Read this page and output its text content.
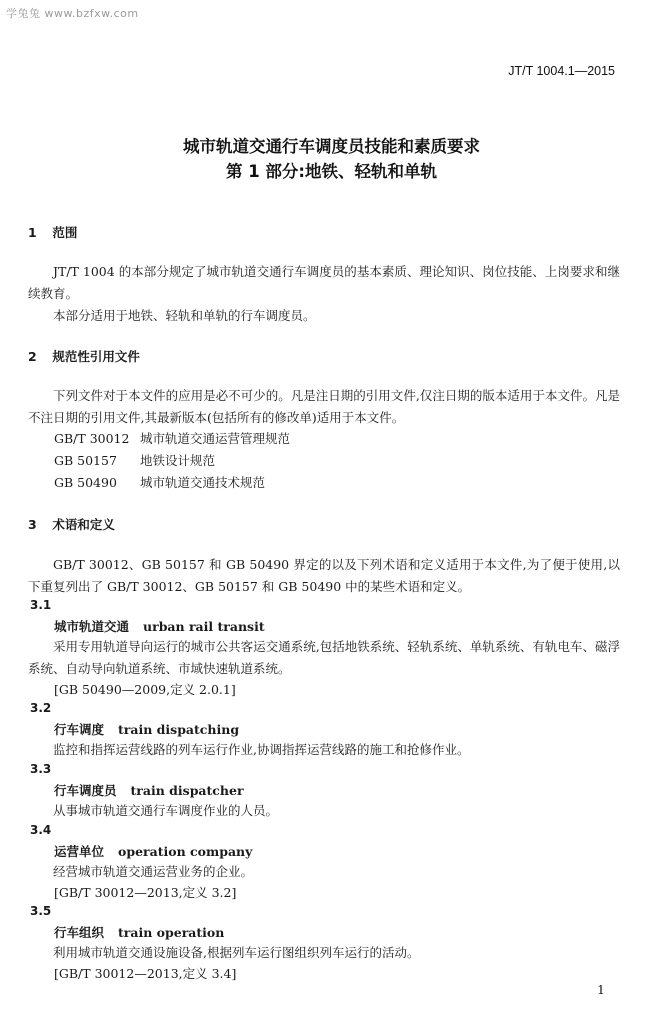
学兔兔 www.bzfxw.com
JT/T 1004.1—2015
城市轨道交通行车调度员技能和素质要求
第 1 部分:地铁、轻轨和单轨
1 范围
JT/T 1004 的本部分规定了城市轨道交通行车调度员的基本素质、理论知识、岗位技能、上岗要求和继续教育。
本部分适用于地铁、轻轨和单轨的行车调度员。
2 规范性引用文件
下列文件对于本文件的应用是必不可少的。凡是注日期的引用文件,仅注日期的版本适用于本文件。凡是不注日期的引用文件,其最新版本(包括所有的修改单)适用于本文件。
GB/T 30012 城市轨道交通运营管理规范
GB 50157 地铁设计规范
GB 50490 城市轨道交通技术规范
3 术语和定义
GB/T 30012、GB 50157 和 GB 50490 界定的以及下列术语和定义适用于本文件,为了便于使用,以下重复列出了 GB/T 30012、GB 50157 和 GB 50490 中的某些术语和定义。
3.1
城市轨道交通 urban rail transit
采用专用轨道导向运行的城市公共客运交通系统,包括地铁系统、轻轨系统、单轨系统、有轨电车、磁浮系统、自动导向轨道系统、市域快速轨道系统。
[GB 50490—2009,定义 2.0.1]
3.2
行车调度 train dispatching
监控和指挥运营线路的列车运行作业,协调指挥运营线路的施工和抢修作业。
3.3
行车调度员 train dispatcher
从事城市轨道交通行车调度作业的人员。
3.4
运营单位 operation company
经营城市轨道交通运营业务的企业。
[GB/T 30012—2013,定义 3.2]
3.5
行车组织 train operation
利用城市轨道交通设施设备,根据列车运行图组织列车运行的活动。
[GB/T 30012—2013,定义 3.4]
1
